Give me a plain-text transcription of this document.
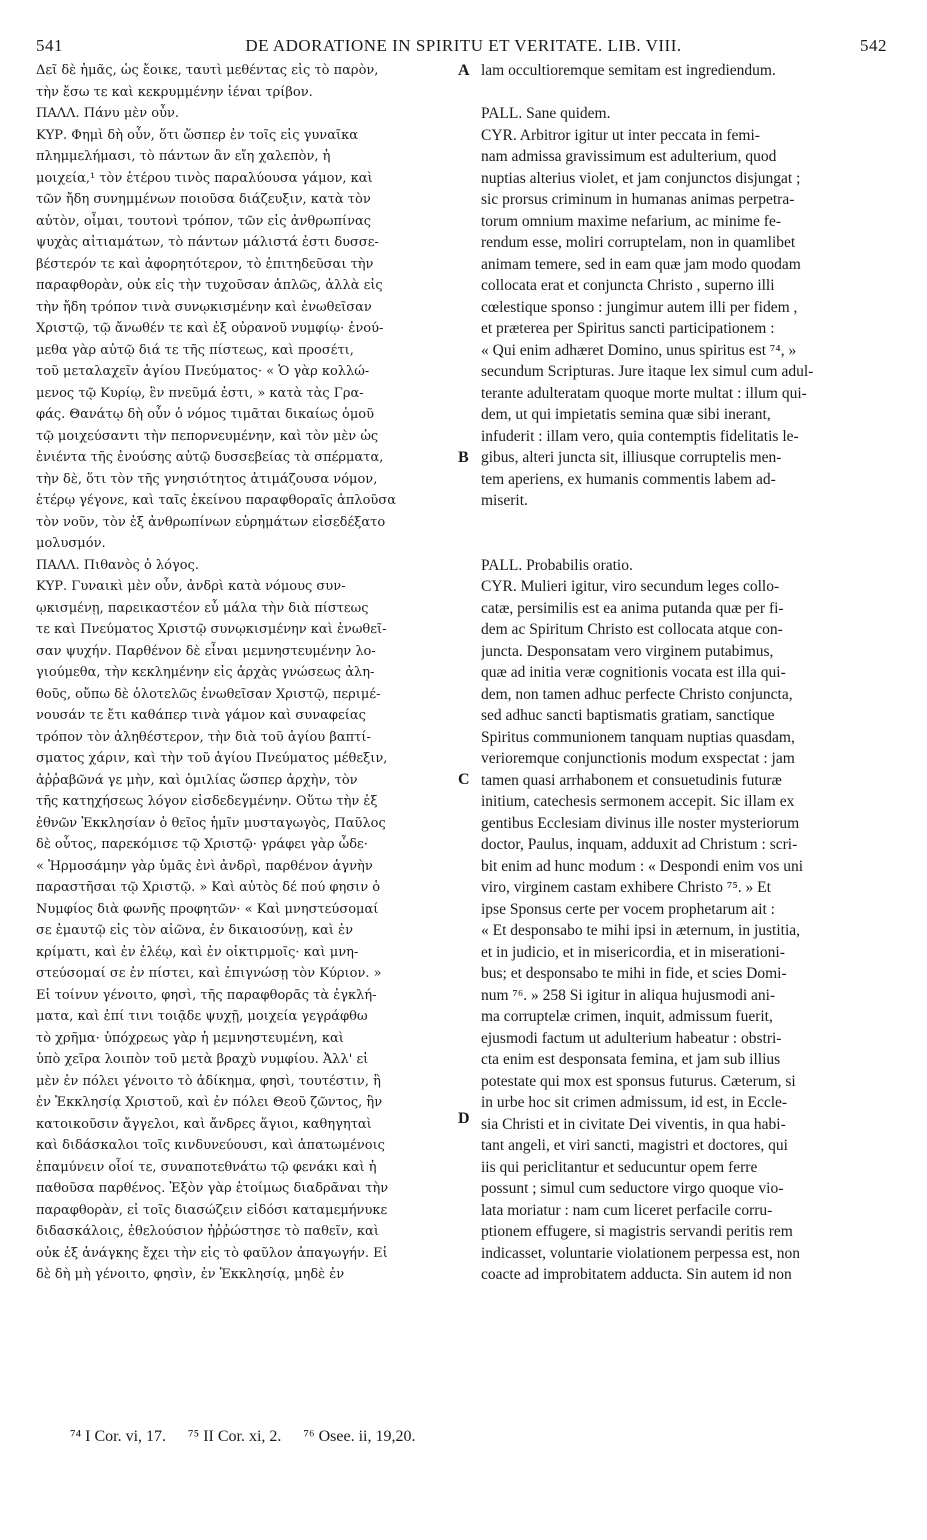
541	DE ADORATIONE IN SPIRITU ET VERITATE. LIB. VIII.	542
Δεῖ δὲ ἡμᾶς, ὡς ἔοικε, ταυτὶ μεθέντας εἰς τὸ παρὸν,
τὴν ἔσω τε καὶ κεκρυμμένην ἰέναι τρίβον.
ΠΑΛΛ. Πάνυ μὲν οὖν.
ΚΥΡ. Φημὶ δὴ οὖν, ὅτι ὥσπερ ἐν τοῖς εἰς γυναῖκα
πλημμελήμασι, τὸ πάντων ἂν εἴη χαλεπὸν, ἡ
μοιχεία,¹ τὸν ἑτέρου τινὸς παραλύουσα γάμον, καὶ
τῶν ἤδη συνημμένων ποιοῦσα διάζευξιν, κατὰ τὸν
αὐτὸν, οἶμαι, τουτονὶ τρόπον, τῶν εἰς ἀνθρωπίνας
ψυχὰς αἰτιαμάτων, τὸ πάντων μάλιστά ἐστι δυσσε-
βέστερόν τε καὶ ἀφορητότερον, τὸ ἐπιτηδεῦσαι τὴν
παραφθορὰν, οὐκ εἰς τὴν τυχοῦσαν ἁπλῶς, ἀλλὰ εἰς
τὴν ἤδη τρόπον τινὰ συνῳκισμένην καὶ ἐνωθεῖσαν
Χριστῷ, τῷ ἄνωθέν τε καὶ ἐξ οὐρανοῦ νυμφίῳ· ἑνού-
μεθα γὰρ αὐτῷ διά τε τῆς πίστεως, καὶ προσέτι,
τοῦ μεταλαχεῖν ἁγίου Πνεύματος· « Ὁ γὰρ κολλώ-
μενος τῷ Κυρίῳ, ἓν πνεῦμά ἐστι, » κατὰ τὰς Γρα-
φάς. Θανάτῳ δὴ οὖν ὁ νόμος τιμᾶται δικαίως ὁμοῦ
τῷ μοιχεύσαντι τὴν πεπορνευμένην, καὶ τὸν μὲν ὡς
ἐνιέντα τῆς ἐνούσης αὐτῷ δυσσεβείας τὰ σπέρματα,
τὴν δὲ, ὅτι τὸν τῆς γνησιότητος ἀτιμάζουσα νόμον,
ἑτέρῳ γέγονε, καὶ ταῖς ἐκείνου παραφθοραῖς ἁπλοῦσα
τὸν νοῦν, τὸν ἐξ ἀνθρωπίνων εὑρημάτων εἰσεδέξατο
μολυσμόν.
ΠΑΛΛ. Πιθανὸς ὁ λόγος.
ΚΥΡ. Γυναικὶ μὲν οὖν, ἀνδρὶ κατὰ νόμους συν-
ῳκισμένῃ, παρεικαστέον εὖ μάλα τὴν διὰ πίστεως
τε καὶ Πνεύματος Χριστῷ συνῳκισμένην καὶ ἑνωθεῖ-
σαν ψυχήν. Παρθένον δὲ εἶναι μεμνηστευμένην λο-
γιούμεθα, τὴν κεκλημένην εἰς ἀρχὰς γνώσεως ἀλη-
θοῦς, οὔπω δὲ ὁλοτελῶς ἑνωθεῖσαν Χριστῷ, περιμέ-
νουσάν τε ἔτι καθάπερ τινὰ γάμον καὶ συναφείας
τρόπον τὸν ἀληθέστερον, τὴν διὰ τοῦ ἁγίου βαπτί-
σματος χάριν, καὶ τὴν τοῦ ἁγίου Πνεύματος μέθεξιν,
ἀῤῥαβῶνά γε μὴν, καὶ ὁμιλίας ὥσπερ ἀρχὴν, τὸν
τῆς κατηχήσεως λόγον εἰσδεδεγμένην. Οὕτω τὴν ἐξ
ἐθνῶν Ἐκκλησίαν ὁ θεῖος ἡμῖν μυσταγωγὸς, Παῦλος
δὲ οὗτος, παρεκόμισε τῷ Χριστῷ· γράφει γὰρ ὧδε·
« Ἡρμοσάμην γὰρ ὑμᾶς ἑνὶ ἀνδρὶ, παρθένον ἁγνὴν
παραστῆσαι τῷ Χριστῷ. » Καὶ αὐτὸς δέ πού φησιν ὁ
Νυμφίος διὰ φωνῆς προφητῶν· « Καὶ μνηστεύσομαί
σε ἐμαυτῷ εἰς τὸν αἰῶνα, ἐν δικαιοσύνῃ, καὶ ἐν
κρίματι, καὶ ἐν ἐλέῳ, καὶ ἐν οἰκτιρμοῖς· καὶ μνη-
στεύσομαί σε ἐν πίστει, καὶ ἐπιγνώσῃ τὸν Κύριον. »
Εἰ τοίνυν γένοιτο, φησὶ, τῆς παραφθορᾶς τὰ ἐγκλή-
ματα, καὶ ἐπί τινι τοιᾷδε ψυχῇ, μοιχεία γεγράφθω
τὸ χρῆμα· ὑπόχρεως γὰρ ἡ μεμνηστευμένη, καὶ
ὑπὸ χεῖρα λοιπὸν τοῦ μετὰ βραχὺ νυμφίου. Ἀλλ' εἰ
μὲν ἐν πόλει γένοιτο τὸ ἀδίκημα, φησὶ, τουτέστιν, ἢ
ἐν Ἐκκλησίᾳ Χριστοῦ, καὶ ἐν πόλει Θεοῦ ζῶντος, ἣν
κατοικοῦσιν ἄγγελοι, καὶ ἄνδρες ἅγιοι, καθηγηταὶ
καὶ διδάσκαλοι τοῖς κινδυνεύουσι, καὶ ἀπατωμένοις
ἐπαμύνειν οἷοί τε, συναποτεθνάτω τῷ φενάκι καὶ ἡ
παθοῦσα παρθένος. Ἐξὸν γὰρ ἑτοίμως διαδρᾶναι τὴν
παραφθορὰν, εἰ τοῖς διασώζειν εἰδόσι καταμεμήνυκε
διδασκάλοις, ἐθελούσιον ἠῤῥώστησε τὸ παθεῖν, καὶ
οὐκ ἐξ ἀνάγκης ἔχει τὴν εἰς τὸ φαῦλον ἀπαγωγήν. Εἰ
δὲ δὴ μὴ γένοιτο, φησὶν, ἐν Ἐκκλησίᾳ, μηδὲ ἐν
lam occultioremque semitam est ingrediendum.

PALL. Sane quidem.
CYR. Arbitror igitur ut inter peccata in femi-
nam admissa gravissimum est adulterium, quod
nuptias alterius violet, et jam conjunctos disjungat ;
sic prorsus criminum in humanas animas perpetra-
torum omnium maxime nefarium, ac minime fe-
rendum esse, moliri corruptelam, non in quamlibet
animam temere, sed in eam quæ jam modo quodam
collocata erat et conjuncta Christo , superno illi
cœlestique sponso : jungimur autem illi per fidem ,
et præterea per Spiritus sancti participationem :
« Qui enim adhæret Domino, unus spiritus est ⁷⁴, »
secundum Scripturas. Jure itaque lex simul cum adul-
terante adulteratam quoque morte multat : illum qui-
dem, ut qui impietatis semina quæ sibi inerant,
infuderit : illam vero, quia contemptis fidelitatis le-
gibus, alteri juncta sit, illiusque corruptelis men-
tem aperiens, ex humanis commentis labem ad-
miserit.

PALL. Probabilis oratio.
CYR. Mulieri igitur, viro secundum leges collo-
catæ, persimilis est ea anima putanda quæ per fi-
dem ac Spiritum Christo est collocata atque con-
juncta. Desponsatam vero virginem putabimus,
quæ ad initia veræ cognitionis vocata est illa qui-
dem, non tamen adhuc perfecte Christo conjuncta,
sed adhuc sancti baptismatis gratiam, sanctique
Spiritus communionem tanquam nuptias quasdam,
verioremque conjunctionis modum exspectat : jam
tamen quasi arrhabonem et consuetudinis futuræ
initium, catechesis sermonem accepit. Sic illam ex
gentibus Ecclesiam divinus ille noster mysteriorum
doctor, Paulus, inquam, adduxit ad Christum : scri-
bit enim ad hunc modum : « Despondi enim vos uni
viro, virginem castam exhibere Christo ⁷⁵. » Et
ipse Sponsus certe per vocem prophetarum ait :
« Et desponsabo te mihi ipsi in æternum, in justitia,
et in judicio, et in misericordia, et in miserationi-
bus; et desponsabo te mihi in fide, et scies Domi-
num ⁷⁶. » 258 Si igitur in aliqua hujusmodi ani-
ma corruptelæ crimen, inquit, admissum fuerit,
ejusmodi factum ut adulterium habeatur : obstri-
cta enim est desponsata femina, et jam sub illius
potestate qui mox est sponsus futurus. Cæterum, si
in urbe hoc sit crimen admissum, id est, in Eccle-
sia Christi et in civitate Dei viventis, in qua habi-
tant angeli, et viri sancti, magistri et doctores, qui
iis qui periclitantur et seducuntur opem ferre
possunt ; simul cum seductore virgo quoque vio-
lata moriatur : nam cum liceret perfacile corru-
ptionem effugere, si magistris servandi peritis rem
indicasset, voluntarie violationem perpessa est, non
coacte ad improbitatem adducta. Sin autem id non
A
B
C
D
⁷⁴ I Cor. vi, 17. ⁷⁵ II Cor. xi, 2. ⁷⁶ Osee. ii, 19,20.
